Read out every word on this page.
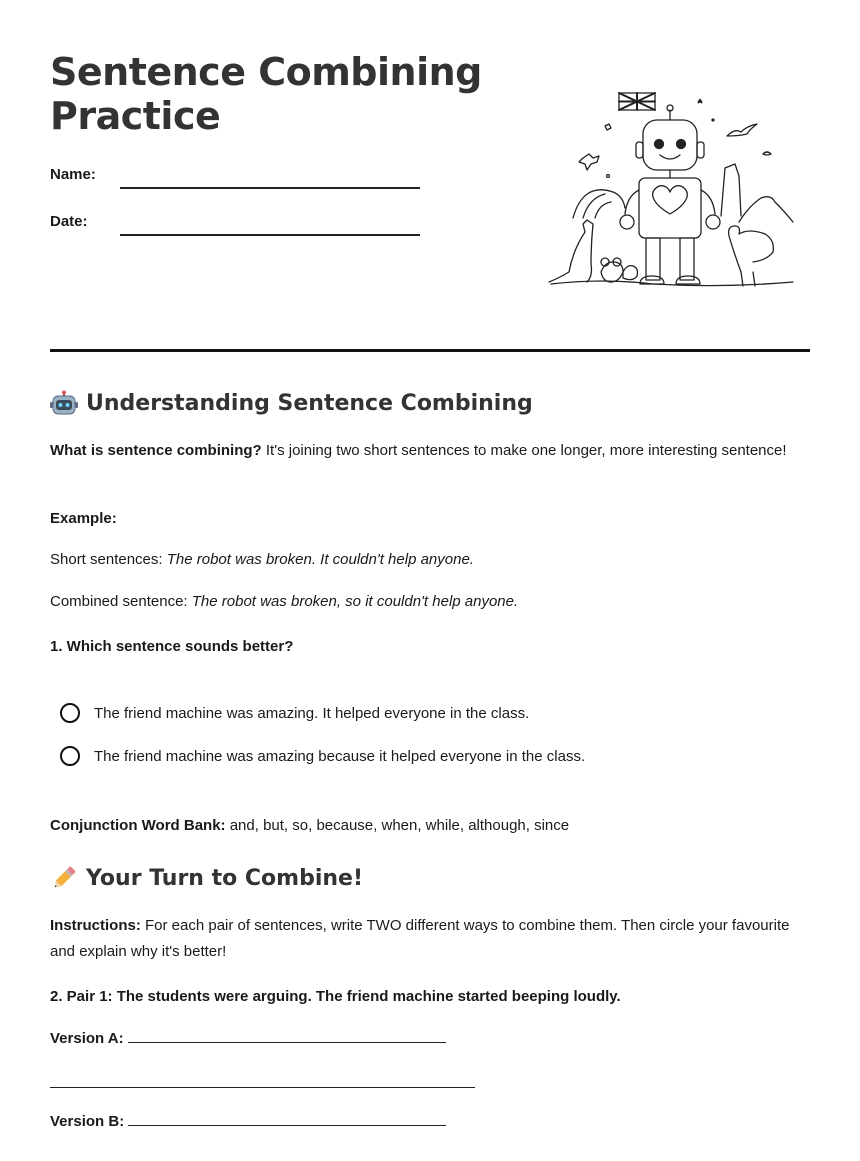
Sentence Combining Practice
Name:
Date:
Understanding Sentence Combining

What is sentence combining? It's joining two short sentences to make one longer, more interesting sentence!

Example:

Short sentences: The robot was broken. It couldn't help anyone.

Combined sentence: The robot was broken, so it couldn't help anyone.

1. Which sentence sounds better?

The friend machine was amazing. It helped everyone in the class.
The friend machine was amazing because it helped everyone in the class.

Conjunction Word Bank: and, but, so, because, when, while, although, since

Your Turn to Combine!

Instructions: For each pair of sentences, write TWO different ways to combine them. Then circle your favourite and explain why it's better!

2. Pair 1: The students were arguing. The friend machine started beeping loudly.

Version A:

Version B:
